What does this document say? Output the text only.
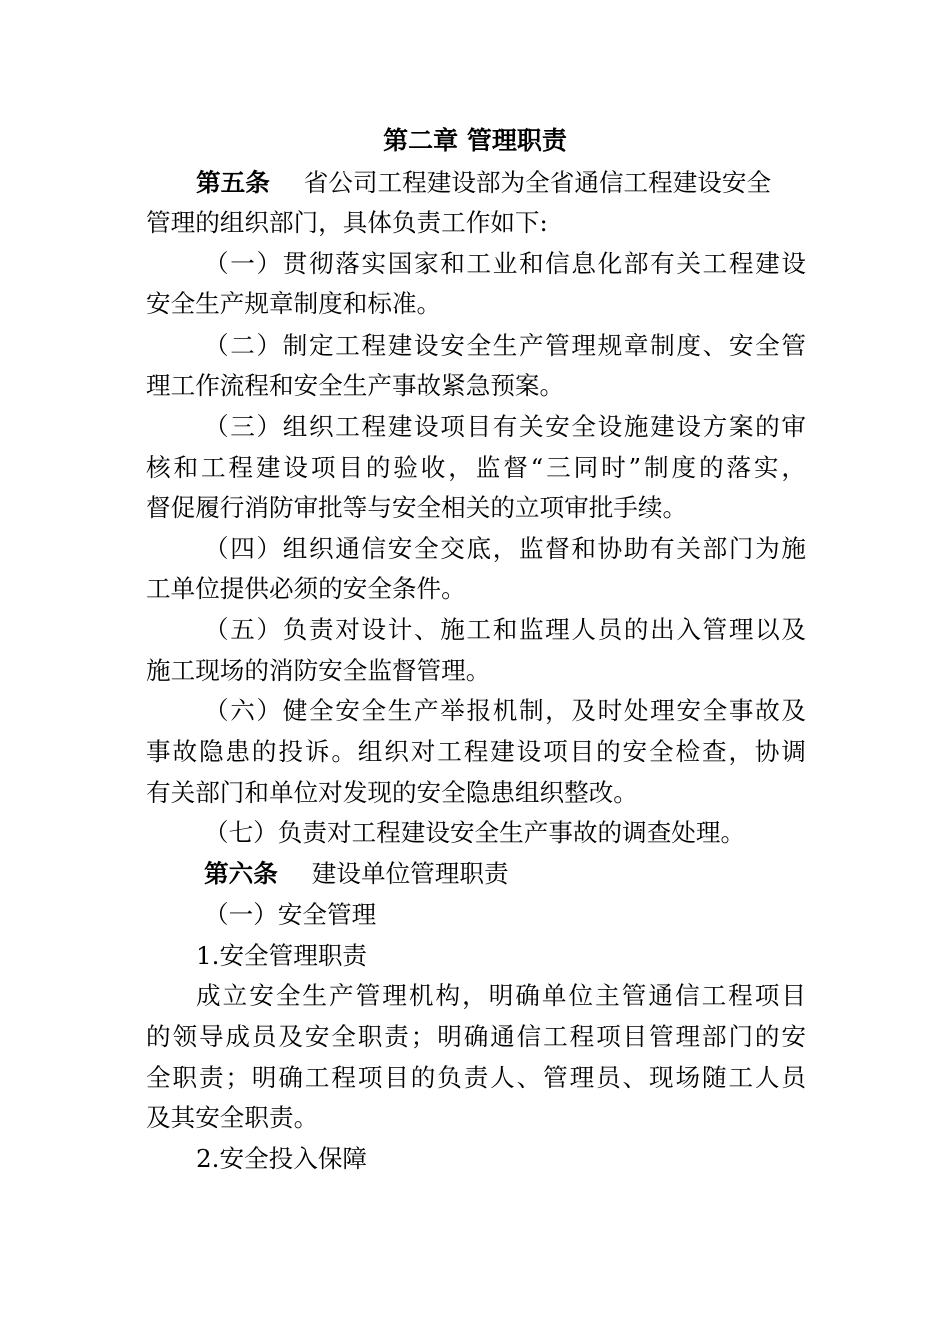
第二章 管理职责
第五条 省公司工程建设部为全省通信工程建设安全
管理的组织部门，具体负责工作如下:
（一）贯彻落实国家和工业和信息化部有关工程建设
安全生产规章制度和标准。
（二）制定工程建设安全生产管理规章制度、安全管
理工作流程和安全生产事故紧急预案。
（三）组织工程建设项目有关安全设施建设方案的审
核和工程建设项目的验收，监督“三同时”制度的落实，
督促履行消防审批等与安全相关的立项审批手续。
（四）组织通信安全交底，监督和协助有关部门为施
工单位提供必须的安全条件。
（五）负责对设计、施工和监理人员的出入管理以及
施工现场的消防安全监督管理。
（六）健全安全生产举报机制，及时处理安全事故及
事故隐患的投诉。组织对工程建设项目的安全检查，协调
有关部门和单位对发现的安全隐患组织整改。
（七）负责对工程建设安全生产事故的调查处理。
第六条 建设单位管理职责
（一）安全管理
1.安全管理职责
成立安全生产管理机构，明确单位主管通信工程项目
的领导成员及安全职责；明确通信工程项目管理部门的安
全职责；明确工程项目的负责人、管理员、现场随工人员
及其安全职责。
2.安全投入保障
